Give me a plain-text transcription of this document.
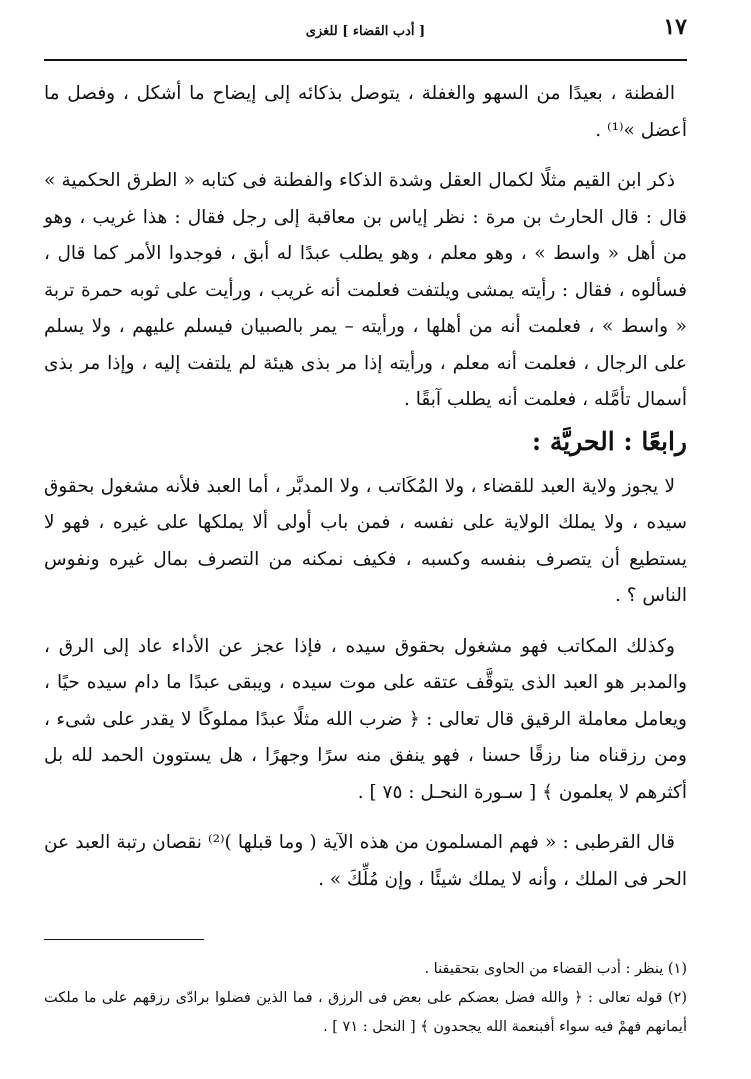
١٧
[ أدب القضاء ] للغزى

الفطنة ، بعيدًا من السهو والغفلة ، يتوصل بذكائه إلى إيضاح ما أشكل ، وفصل ما أعضل »⁽¹⁾ .

ذكر ابن القيم مثلًا لكمال العقل وشدة الذكاء والفطنة فى كتابه « الطرق الحكمية » قال : قال الحارث بن مرة : نظر إياس بن معاقبة إلى رجل فقال : هذا غريب ، وهو من أهل « واسط » ، وهو معلم ، وهو يطلب عبدًا له أبق ، فوجدوا الأمر كما قال ، فسألوه ، فقال : رأيته يمشى ويلتفت فعلمت أنه غريب ، ورأيت على ثوبه حمرة تربة « واسط » ، فعلمت أنه من أهلها ، ورأيته – يمر بالصبيان فيسلم عليهم ، ولا يسلم على الرجال ، فعلمت أنه معلم ، ورأيته إذا مر بذى هيئة لم يلتفت إليه ، وإذا مر بذى أسمال تأمَّله ، فعلمت أنه يطلب آبقًا .

رابعًا : الحريَّة :

لا يجوز ولاية العبد للقضاء ، ولا المُكَاتب ، ولا المدبَّر ، أما العبد فلأنه مشغول بحقوق سيده ، ولا يملك الولاية على نفسه ، فمن باب أولى ألا يملكها على غيره ، فهو لا يستطيع أن يتصرف بنفسه وكسبه ، فكيف نمكنه من التصرف بمال غيره ونفوس الناس ؟ .

وكذلك المكاتب فهو مشغول بحقوق سيده ، فإذا عجز عن الأداء عاد إلى الرق ، والمدبر هو العبد الذى يتوقَّف عتقه على موت سيده ، ويبقى عبدًا ما دام سيده حيًا ، ويعامل معاملة الرقيق قال تعالى : ﴿ ضرب الله مثلًا عبدًا مملوكًا لا يقدر على شىء ، ومن رزقناه منا رزقًا حسنا ، فهو ينفق منه سرًا وجهرًا ، هل يستوون الحمد لله بل أكثرهم لا يعلمون ﴾ [ سـورة النحـل : ٧٥ ] .

قال القرطبى : « فهم المسلمون من هذه الآية ( وما قبلها )⁽²⁾ نقصان رتبة العبد عن الحر فى الملك ، وأنه لا يملك شيئًا ، وإن مُلِّكَ » .

(١) ينظر : أدب القضاء من الحاوى بتحقيقنا .

(٢) قوله تعالى : ﴿ والله فضل بعضكم على بعض فى الرزق ، فما الذين فضلوا برادّى رزقهم على ما ملكت أيمانهم فهمْ فيه سواء أفبنعمة الله يجحدون ﴾ [ النحل : ٧١ ] .
